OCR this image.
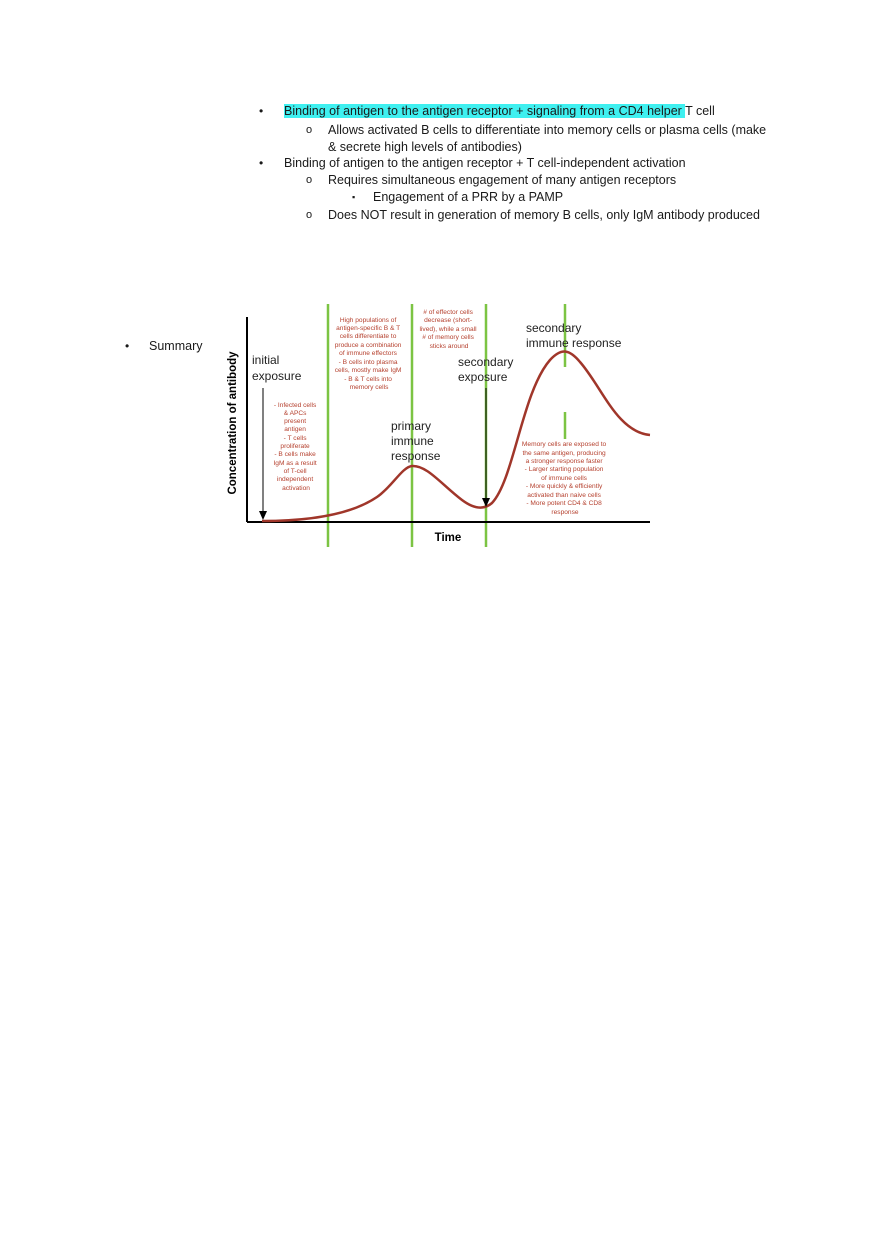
• Binding of antigen to the antigen receptor + signaling from a CD4 helper T cell
o Allows activated B cells to differentiate into memory cells or plasma cells (make
& secrete high levels of antibodies)
• Binding of antigen to the antigen receptor + T cell-independent activation
o Requires simultaneous engagement of many antigen receptors
▪ Engagement of a PRR by a PAMP
o Does NOT result in generation of memory B cells, only IgM antibody produced
• Summary
Concentration of antibody
Time
initial exposure
primary immune response
secondary exposure
secondary immune response
- Infected cells & APCs present antigen - T cells proliferate - B cells make IgM as a result of T-cell independent activation
High populations of antigen-specific B & T cells differentiate to produce a combination of immune effectors - B cells into plasma cells, mostly make IgM - B & T cells into memory cells
# of effector cells decrease (short- lived), while a small # of memory cells sticks around
Memory cells are exposed to the same antigen, producing a stronger response faster - Larger starting population of immune cells - More quickly & efficiently activated than naive cells - More potent CD4 & CD8 response
